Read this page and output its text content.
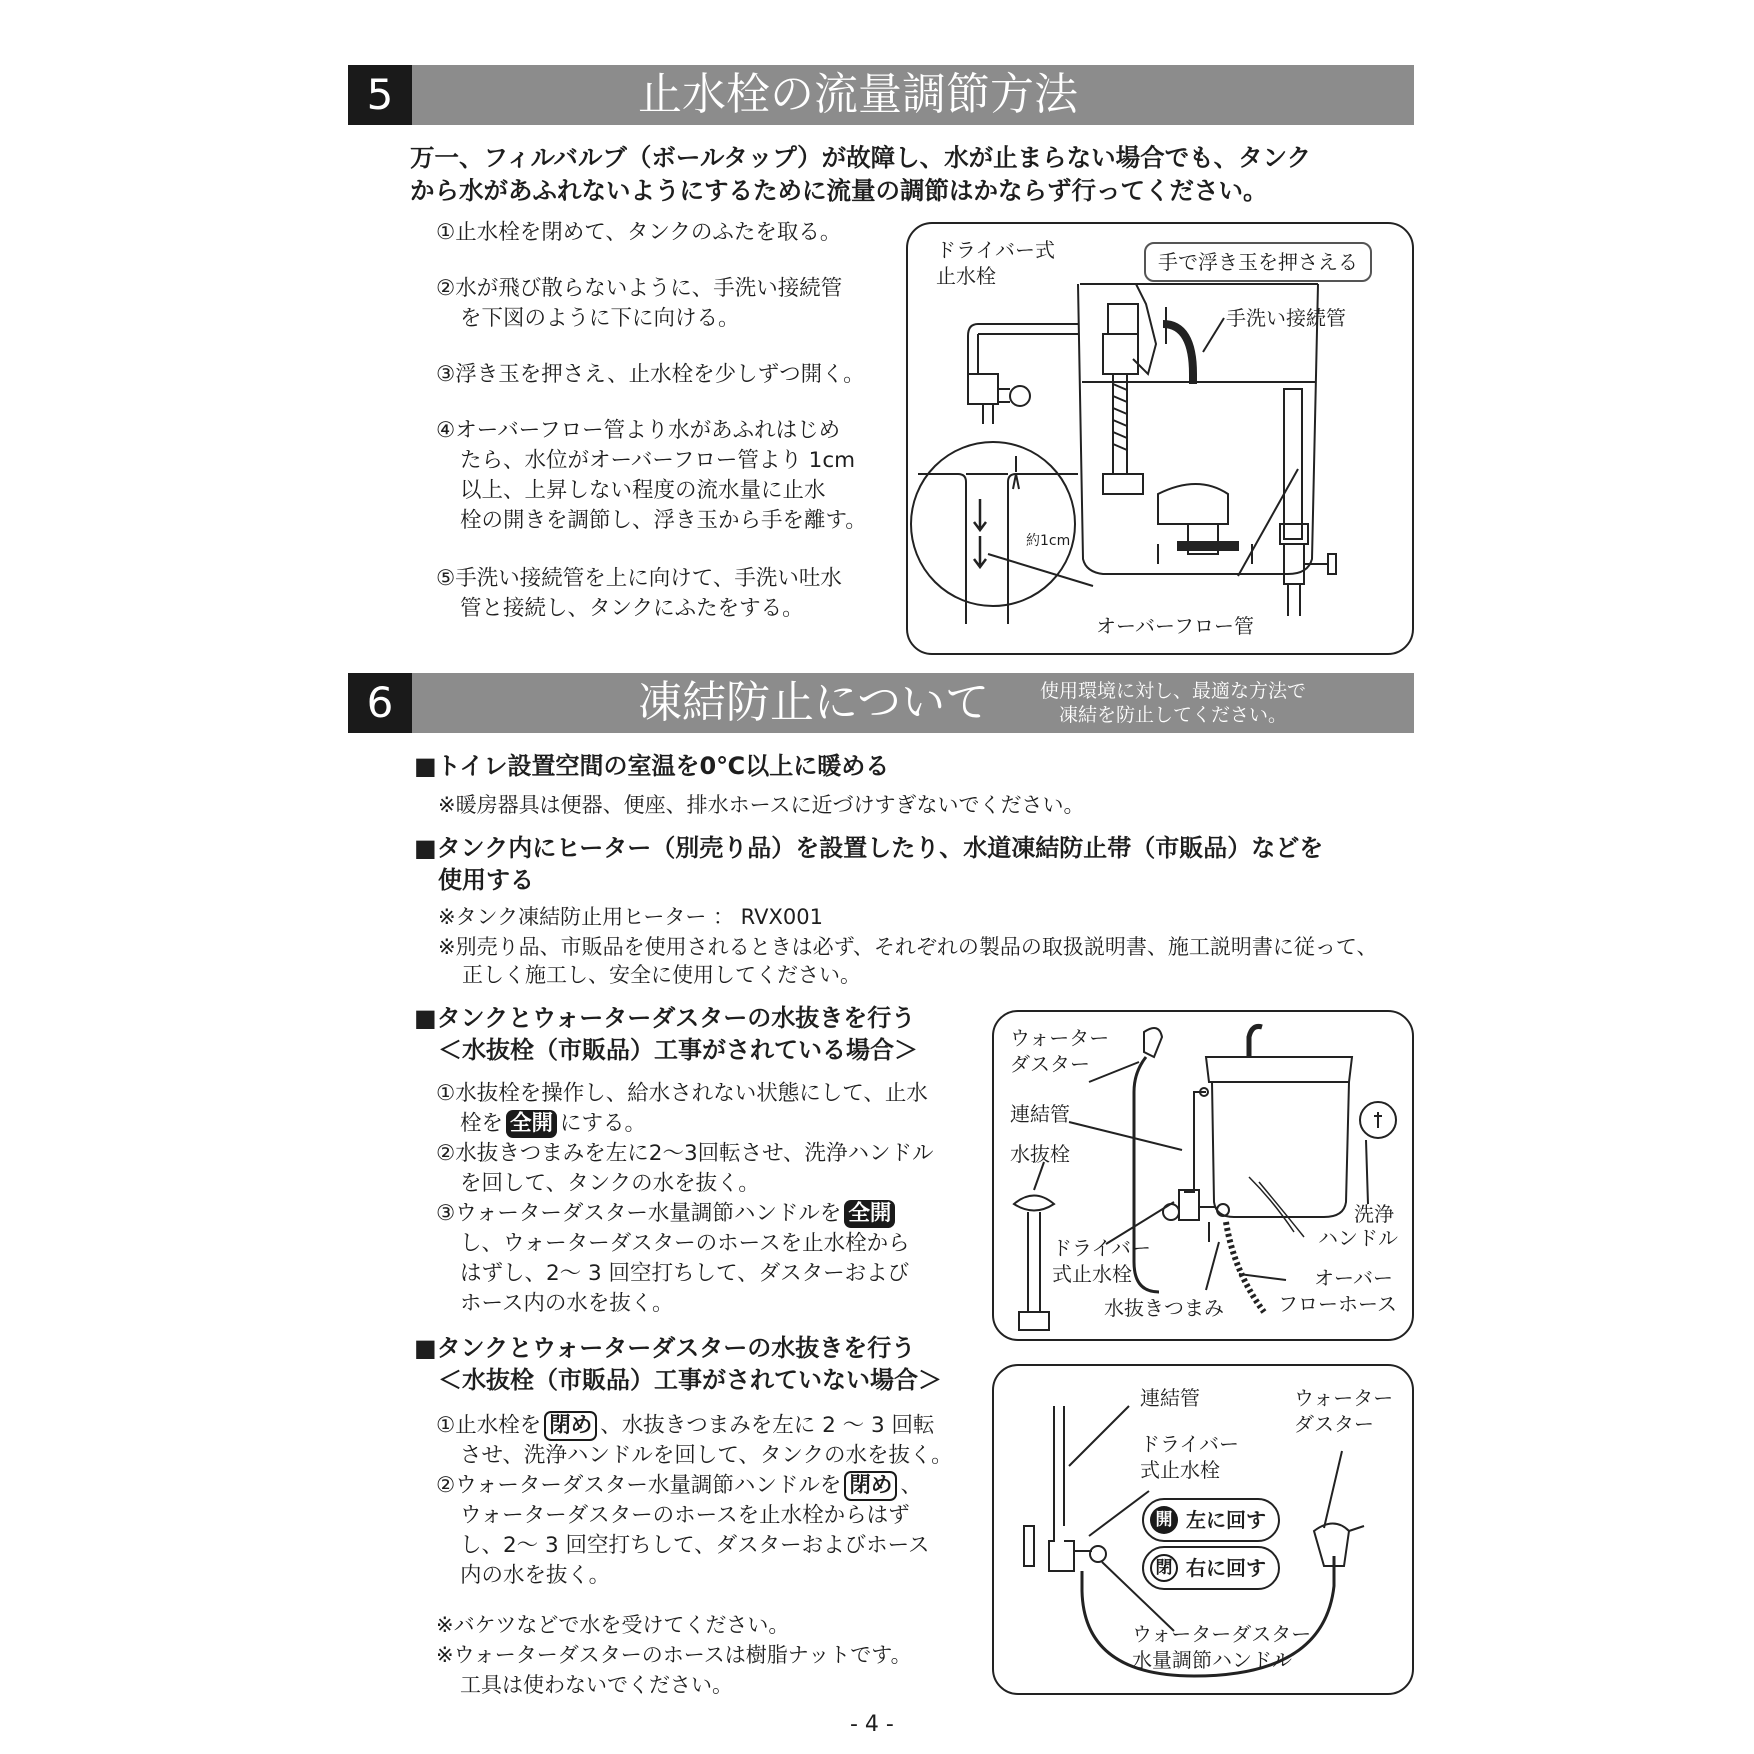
5	止水栓の流量調節方法
万一、フィルバルブ（ボールタップ）が故障し、水が止まらない場合でも、タンク
から水があふれないようにするために流量の調節はかならず行ってください。
①止水栓を閉めて、タンクのふたを取る。
②水が飛び散らないように、手洗い接続管
を下図のように下に向ける。
③浮き玉を押さえ、止水栓を少しずつ開く。
④オーバーフロー管より水があふれはじめ
たら、水位がオーバーフロー管より 1cm
以上、上昇しない程度の流水量に止水
栓の開きを調節し、浮き玉から手を離す。
⑤手洗い接続管を上に向けて、手洗い吐水
管と接続し、タンクにふたをする。
ドライバー式
止水栓
手で浮き玉を押さえる
手洗い接続管
約1cm
オーバーフロー管
6	凍結防止について	使用環境に対し、最適な方法で
凍結を防止してください。
■トイレ設置空間の室温を0℃以上に暖める
※暖房器具は便器、便座、排水ホースに近づけすぎないでください。
■タンク内にヒーター（別売り品）を設置したり、水道凍結防止帯（市販品）などを
使用する
※タンク凍結防止用ヒーター ： RVX001
※別売り品、市販品を使用されるときは必ず、それぞれの製品の取扱説明書、施工説明書に従って、
正しく施工し、安全に使用してください。
■タンクとウォーターダスターの水抜きを行う
＜水抜栓（市販品）工事がされている場合＞
①水抜栓を操作し、給水されない状態にして、止水
栓を 全開 にする。
②水抜きつまみを左に2～3回転させ、洗浄ハンドル
を回して、タンクの水を抜く。
③ウォーターダスター水量調節ハンドルを 全開
し、ウォーターダスターのホースを止水栓から
はずし、2～ 3 回空打ちして、ダスターおよび
ホース内の水を抜く。
■タンクとウォーターダスターの水抜きを行う
＜水抜栓（市販品）工事がされていない場合＞
①止水栓を 閉め 、水抜きつまみを左に 2 ～ 3 回転
させ、洗浄ハンドルを回して、タンクの水を抜く。
②ウォーターダスター水量調節ハンドルを 閉め 、
ウォーターダスターのホースを止水栓からはず
し、2～ 3 回空打ちして、ダスターおよびホース
内の水を抜く。
※バケツなどで水を受けてください。
※ウォーターダスターのホースは樹脂ナットです。
工具は使わないでください。
ウォーター
ダスター
連結管
水抜栓
洗浄
ハンドル
ドライバー
式止水栓
水抜きつまみ
オーバー
フローホース
連結管	ウォーター
ダスター
ドライバー
式止水栓
開 左に回す
閉 右に回す
ウォーターダスター
水量調節ハンドル
- 4 -
